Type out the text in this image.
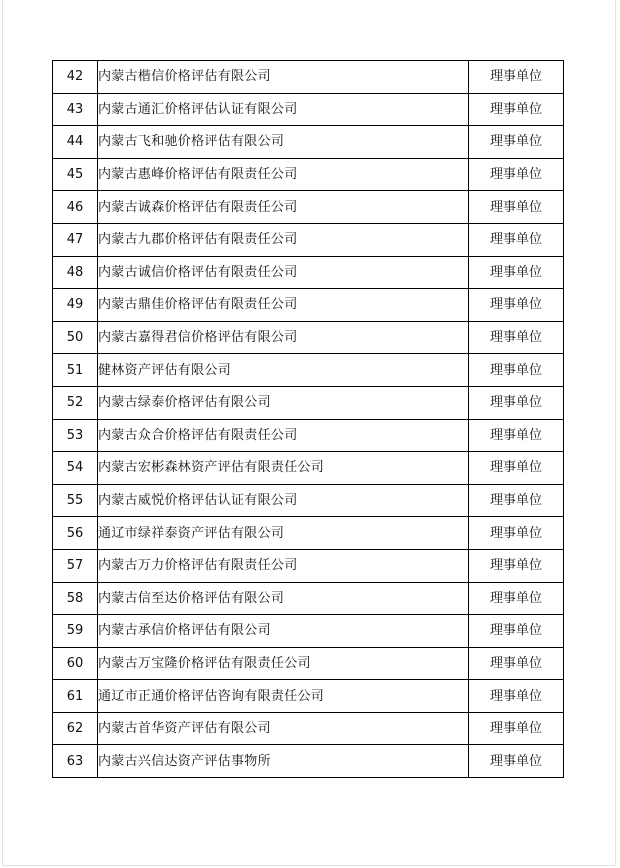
42	内蒙古楷信价格评估有限公司	理事单位
43	内蒙古通汇价格评估认证有限公司	理事单位
44	内蒙古飞和驰价格评估有限公司	理事单位
45	内蒙古惠峰价格评估有限责任公司	理事单位
46	内蒙古诚森价格评估有限责任公司	理事单位
47	内蒙古九郡价格评估有限责任公司	理事单位
48	内蒙古诚信价格评估有限责任公司	理事单位
49	内蒙古鼎佳价格评估有限责任公司	理事单位
50	内蒙古嘉得君信价格评估有限公司	理事单位
51	健林资产评估有限公司	理事单位
52	内蒙古绿泰价格评估有限公司	理事单位
53	内蒙古众合价格评估有限责任公司	理事单位
54	内蒙古宏彬森林资产评估有限责任公司	理事单位
55	内蒙古威悦价格评估认证有限公司	理事单位
56	通辽市绿祥泰资产评估有限公司	理事单位
57	内蒙古万力价格评估有限责任公司	理事单位
58	内蒙古信至达价格评估有限公司	理事单位
59	内蒙古承信价格评估有限公司	理事单位
60	内蒙古万宝隆价格评估有限责任公司	理事单位
61	通辽市正通价格评估咨询有限责任公司	理事单位
62	内蒙古首华资产评估有限公司	理事单位
63	内蒙古兴信达资产评估事物所	理事单位
